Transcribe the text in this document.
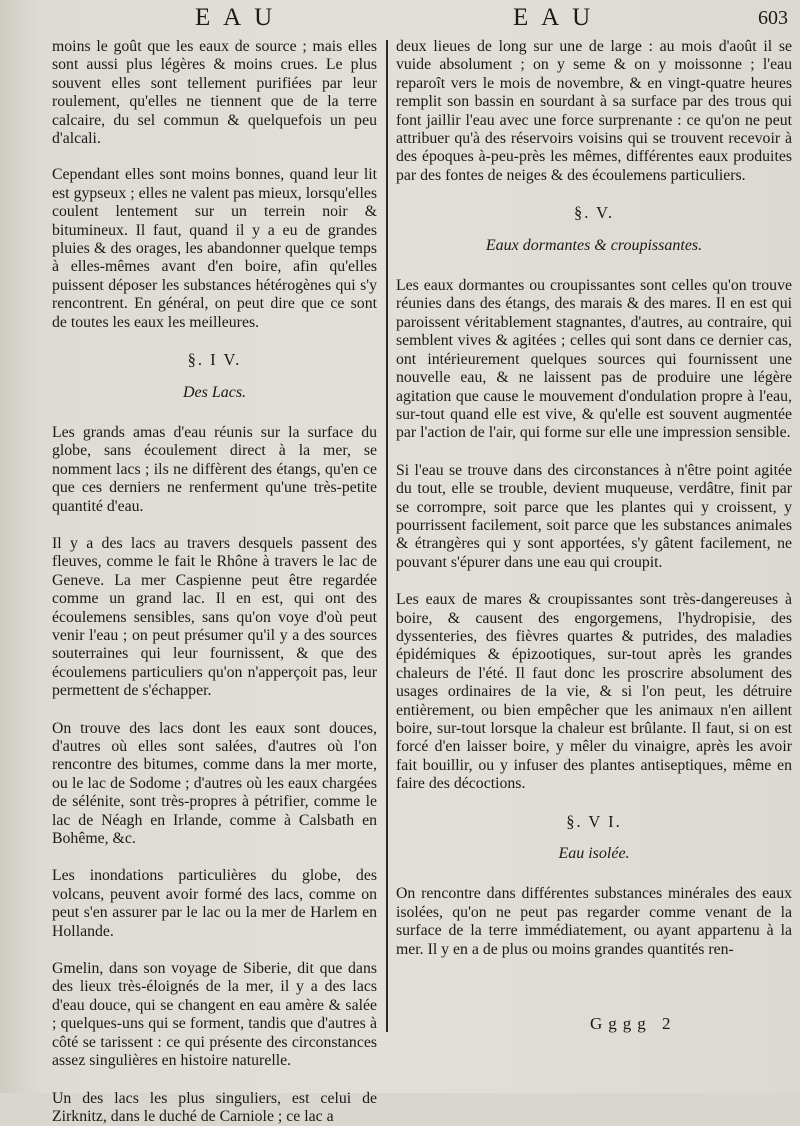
E A U	E A U	603

moins le goût que les eaux de source ; mais elles sont aussi plus légères & moins crues. Le plus souvent elles sont tellement purifiées par leur roulement, qu'elles ne tiennent que de la terre calcaire, du sel commun & quelquefois un peu d'alcali.

Cependant elles sont moins bonnes, quand leur lit est gypseux ; elles ne valent pas mieux, lorsqu'elles coulent lentement sur un terrein noir & bitumineux. Il faut, quand il y a eu de grandes pluies & des orages, les abandonner quelque temps à elles-mêmes avant d'en boire, afin qu'elles puissent déposer les substances hétérogènes qui s'y rencontrent. En général, on peut dire que ce sont de toutes les eaux les meilleures.

§. I V.
Des Lacs.

Les grands amas d'eau réunis sur la surface du globe, sans écoulement direct à la mer, se nomment lacs ; ils ne diffèrent des étangs, qu'en ce que ces derniers ne renferment qu'une très-petite quantité d'eau.

Il y a des lacs au travers desquels passent des fleuves, comme le fait le Rhône à travers le lac de Geneve. La mer Caspienne peut être regardée comme un grand lac. Il en est, qui ont des écoulemens sensibles, sans qu'on voye d'où peut venir l'eau ; on peut présumer qu'il y a des sources souterraines qui leur fournissent, & que des écoulemens particuliers qu'on n'apperçoit pas, leur permettent de s'échapper.

On trouve des lacs dont les eaux sont douces, d'autres où elles sont salées, d'autres où l'on rencontre des bitumes, comme dans la mer morte, ou le lac de Sodome ; d'autres où les eaux chargées de sélénite, sont très-propres à pétrifier, comme le lac de Néagh en Irlande, comme à Calsbath en Bohême, &c.

Les inondations particulières du globe, des volcans, peuvent avoir formé des lacs, comme on peut s'en assurer par le lac ou la mer de Harlem en Hollande.

Gmelin, dans son voyage de Siberie, dit que dans des lieux très-éloignés de la mer, il y a des lacs d'eau douce, qui se changent en eau amère & salée ; quelques-uns qui se forment, tandis que d'autres à côté se tarissent : ce qui présente des circonstances assez singulières en histoire naturelle.

Un des lacs les plus singuliers, est celui de Zirknitz, dans le duché de Carniole ; ce lac a

deux lieues de long sur une de large : au mois d'août il se vuide absolument ; on y seme & on y moissonne ; l'eau reparoît vers le mois de novembre, & en vingt-quatre heures remplit son bassin en sourdant à sa surface par des trous qui font jaillir l'eau avec une force surprenante : ce qu'on ne peut attribuer qu'à des réservoirs voisins qui se trouvent recevoir à des époques à-peu-près les mêmes, différentes eaux produites par des fontes de neiges & des écoulemens particuliers.

§. V.
Eaux dormantes & croupissantes.

Les eaux dormantes ou croupissantes sont celles qu'on trouve réunies dans des étangs, des marais & des mares. Il en est qui paroissent véritablement stagnantes, d'autres, au contraire, qui semblent vives & agitées ; celles qui sont dans ce dernier cas, ont intérieurement quelques sources qui fournissent une nouvelle eau, & ne laissent pas de produire une légère agitation que cause le mouvement d'ondulation propre à l'eau, sur-tout quand elle est vive, & qu'elle est souvent augmentée par l'action de l'air, qui forme sur elle une impression sensible.

Si l'eau se trouve dans des circonstances à n'être point agitée du tout, elle se trouble, devient muqueuse, verdâtre, finit par se corrompre, soit parce que les plantes qui y croissent, y pourrissent facilement, soit parce que les substances animales & étrangères qui y sont apportées, s'y gâtent facilement, ne pouvant s'épurer dans une eau qui croupit.

Les eaux de mares & croupissantes sont très-dangereuses à boire, & causent des engorgemens, l'hydropisie, des dyssenteries, des fièvres quartes & putrides, des maladies épidémiques & épizootiques, sur-tout après les grandes chaleurs de l'été. Il faut donc les proscrire absolument des usages ordinaires de la vie, & si l'on peut, les détruire entièrement, ou bien empêcher que les animaux n'en aillent boire, sur-tout lorsque la chaleur est brûlante. Il faut, si on est forcé d'en laisser boire, y mêler du vinaigre, après les avoir fait bouillir, ou y infuser des plantes antiseptiques, même en faire des décoctions.

§. V I.
Eau isolée.

On rencontre dans différentes substances minérales des eaux isolées, qu'on ne peut pas regarder comme venant de la surface de la terre immédiatement, ou ayant appartenu à la mer. Il y en a de plus ou moins grandes quantités ren-

Gggg 2
